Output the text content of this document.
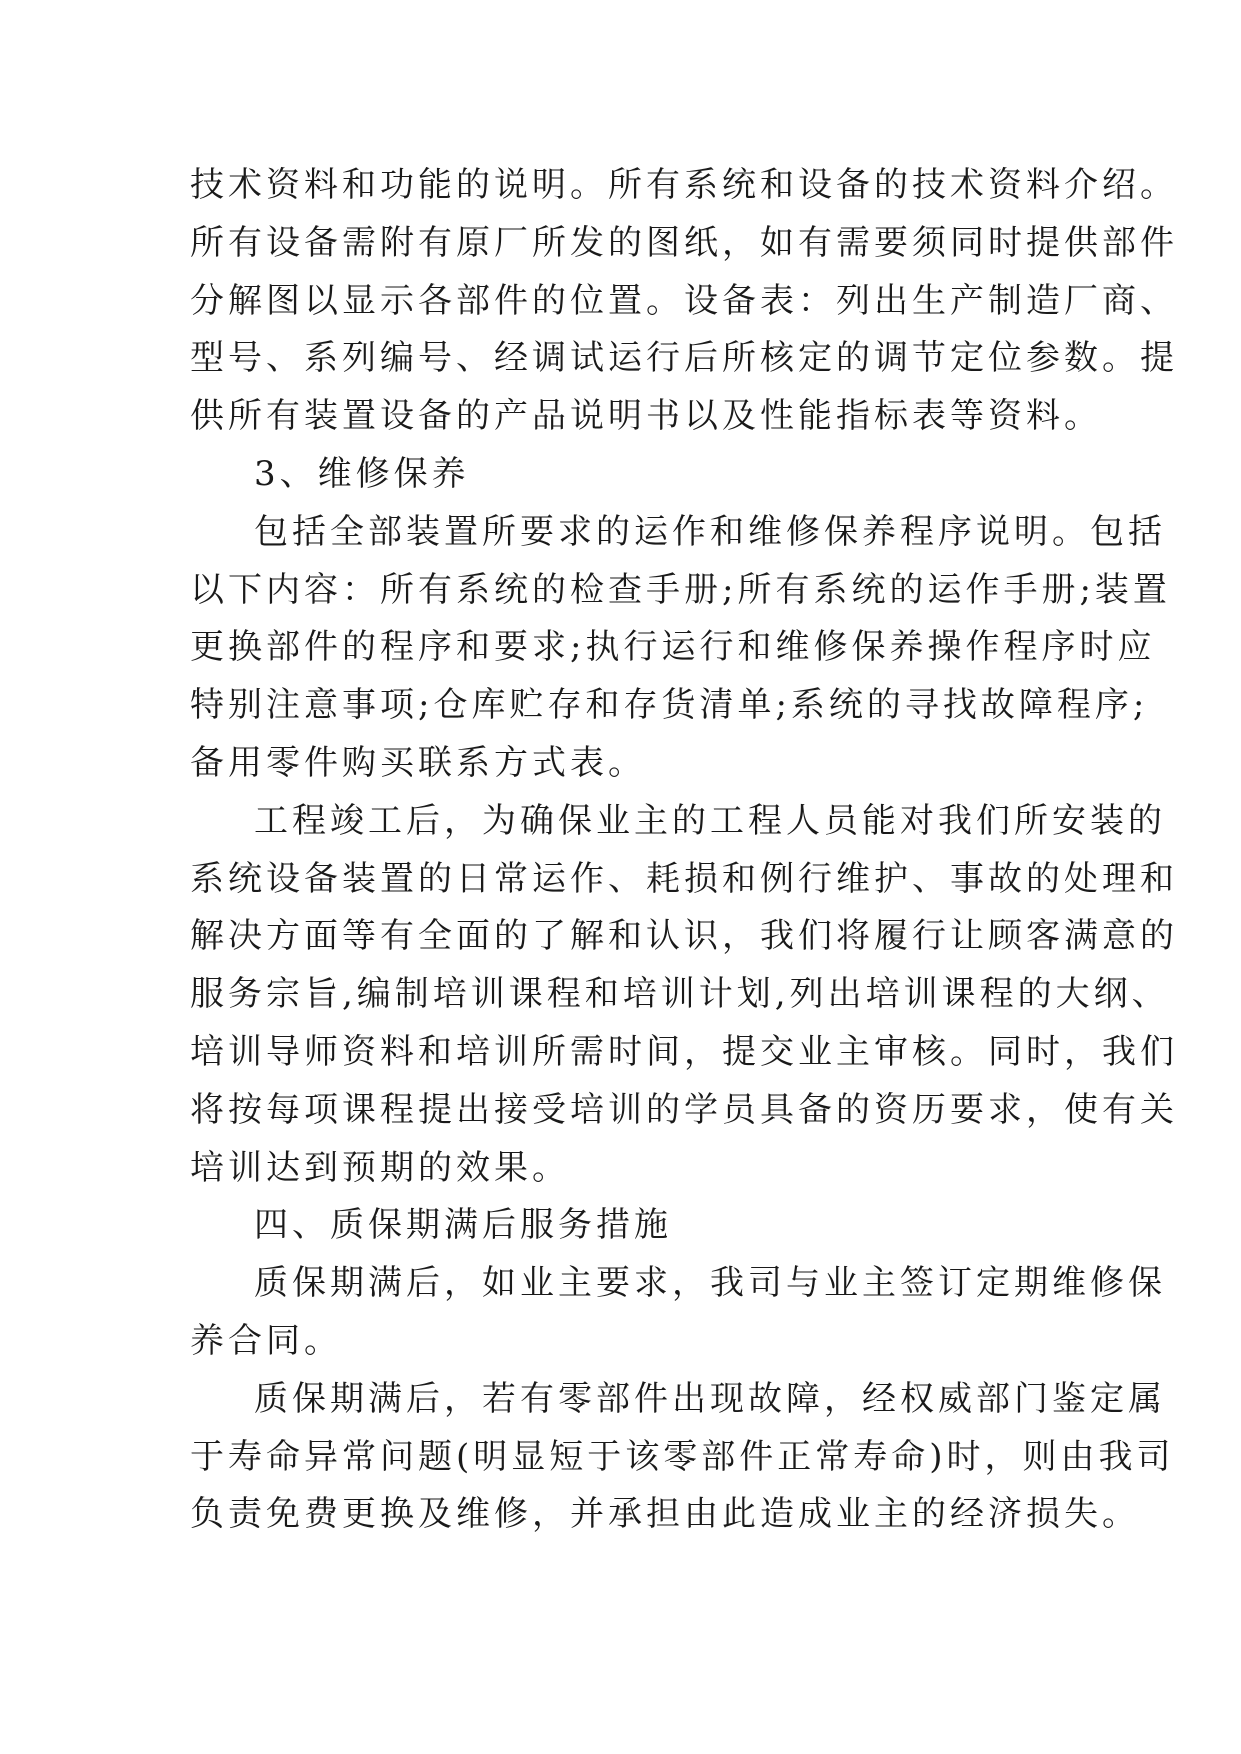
技术资料和功能的说明。所有系统和设备的技术资料介绍。
所有设备需附有原厂所发的图纸，如有需要须同时提供部件
分解图以显示各部件的位置。设备表：列出生产制造厂商、
型号、系列编号、经调试运行后所核定的调节定位参数。提
供所有装置设备的产品说明书以及性能指标表等资料。
3、维修保养
包括全部装置所要求的运作和维修保养程序说明。包括
以下内容：所有系统的检查手册;所有系统的运作手册;装置
更换部件的程序和要求;执行运行和维修保养操作程序时应
特别注意事项;仓库贮存和存货清单;系统的寻找故障程序;
备用零件购买联系方式表。
工程竣工后，为确保业主的工程人员能对我们所安装的
系统设备装置的日常运作、耗损和例行维护、事故的处理和
解决方面等有全面的了解和认识，我们将履行让顾客满意的
服务宗旨,编制培训课程和培训计划,列出培训课程的大纲、
培训导师资料和培训所需时间，提交业主审核。同时，我们
将按每项课程提出接受培训的学员具备的资历要求，使有关
培训达到预期的效果。
四、质保期满后服务措施
质保期满后，如业主要求，我司与业主签订定期维修保
养合同。
质保期满后，若有零部件出现故障，经权威部门鉴定属
于寿命异常问题(明显短于该零部件正常寿命)时，则由我司
负责免费更换及维修，并承担由此造成业主的经济损失。
